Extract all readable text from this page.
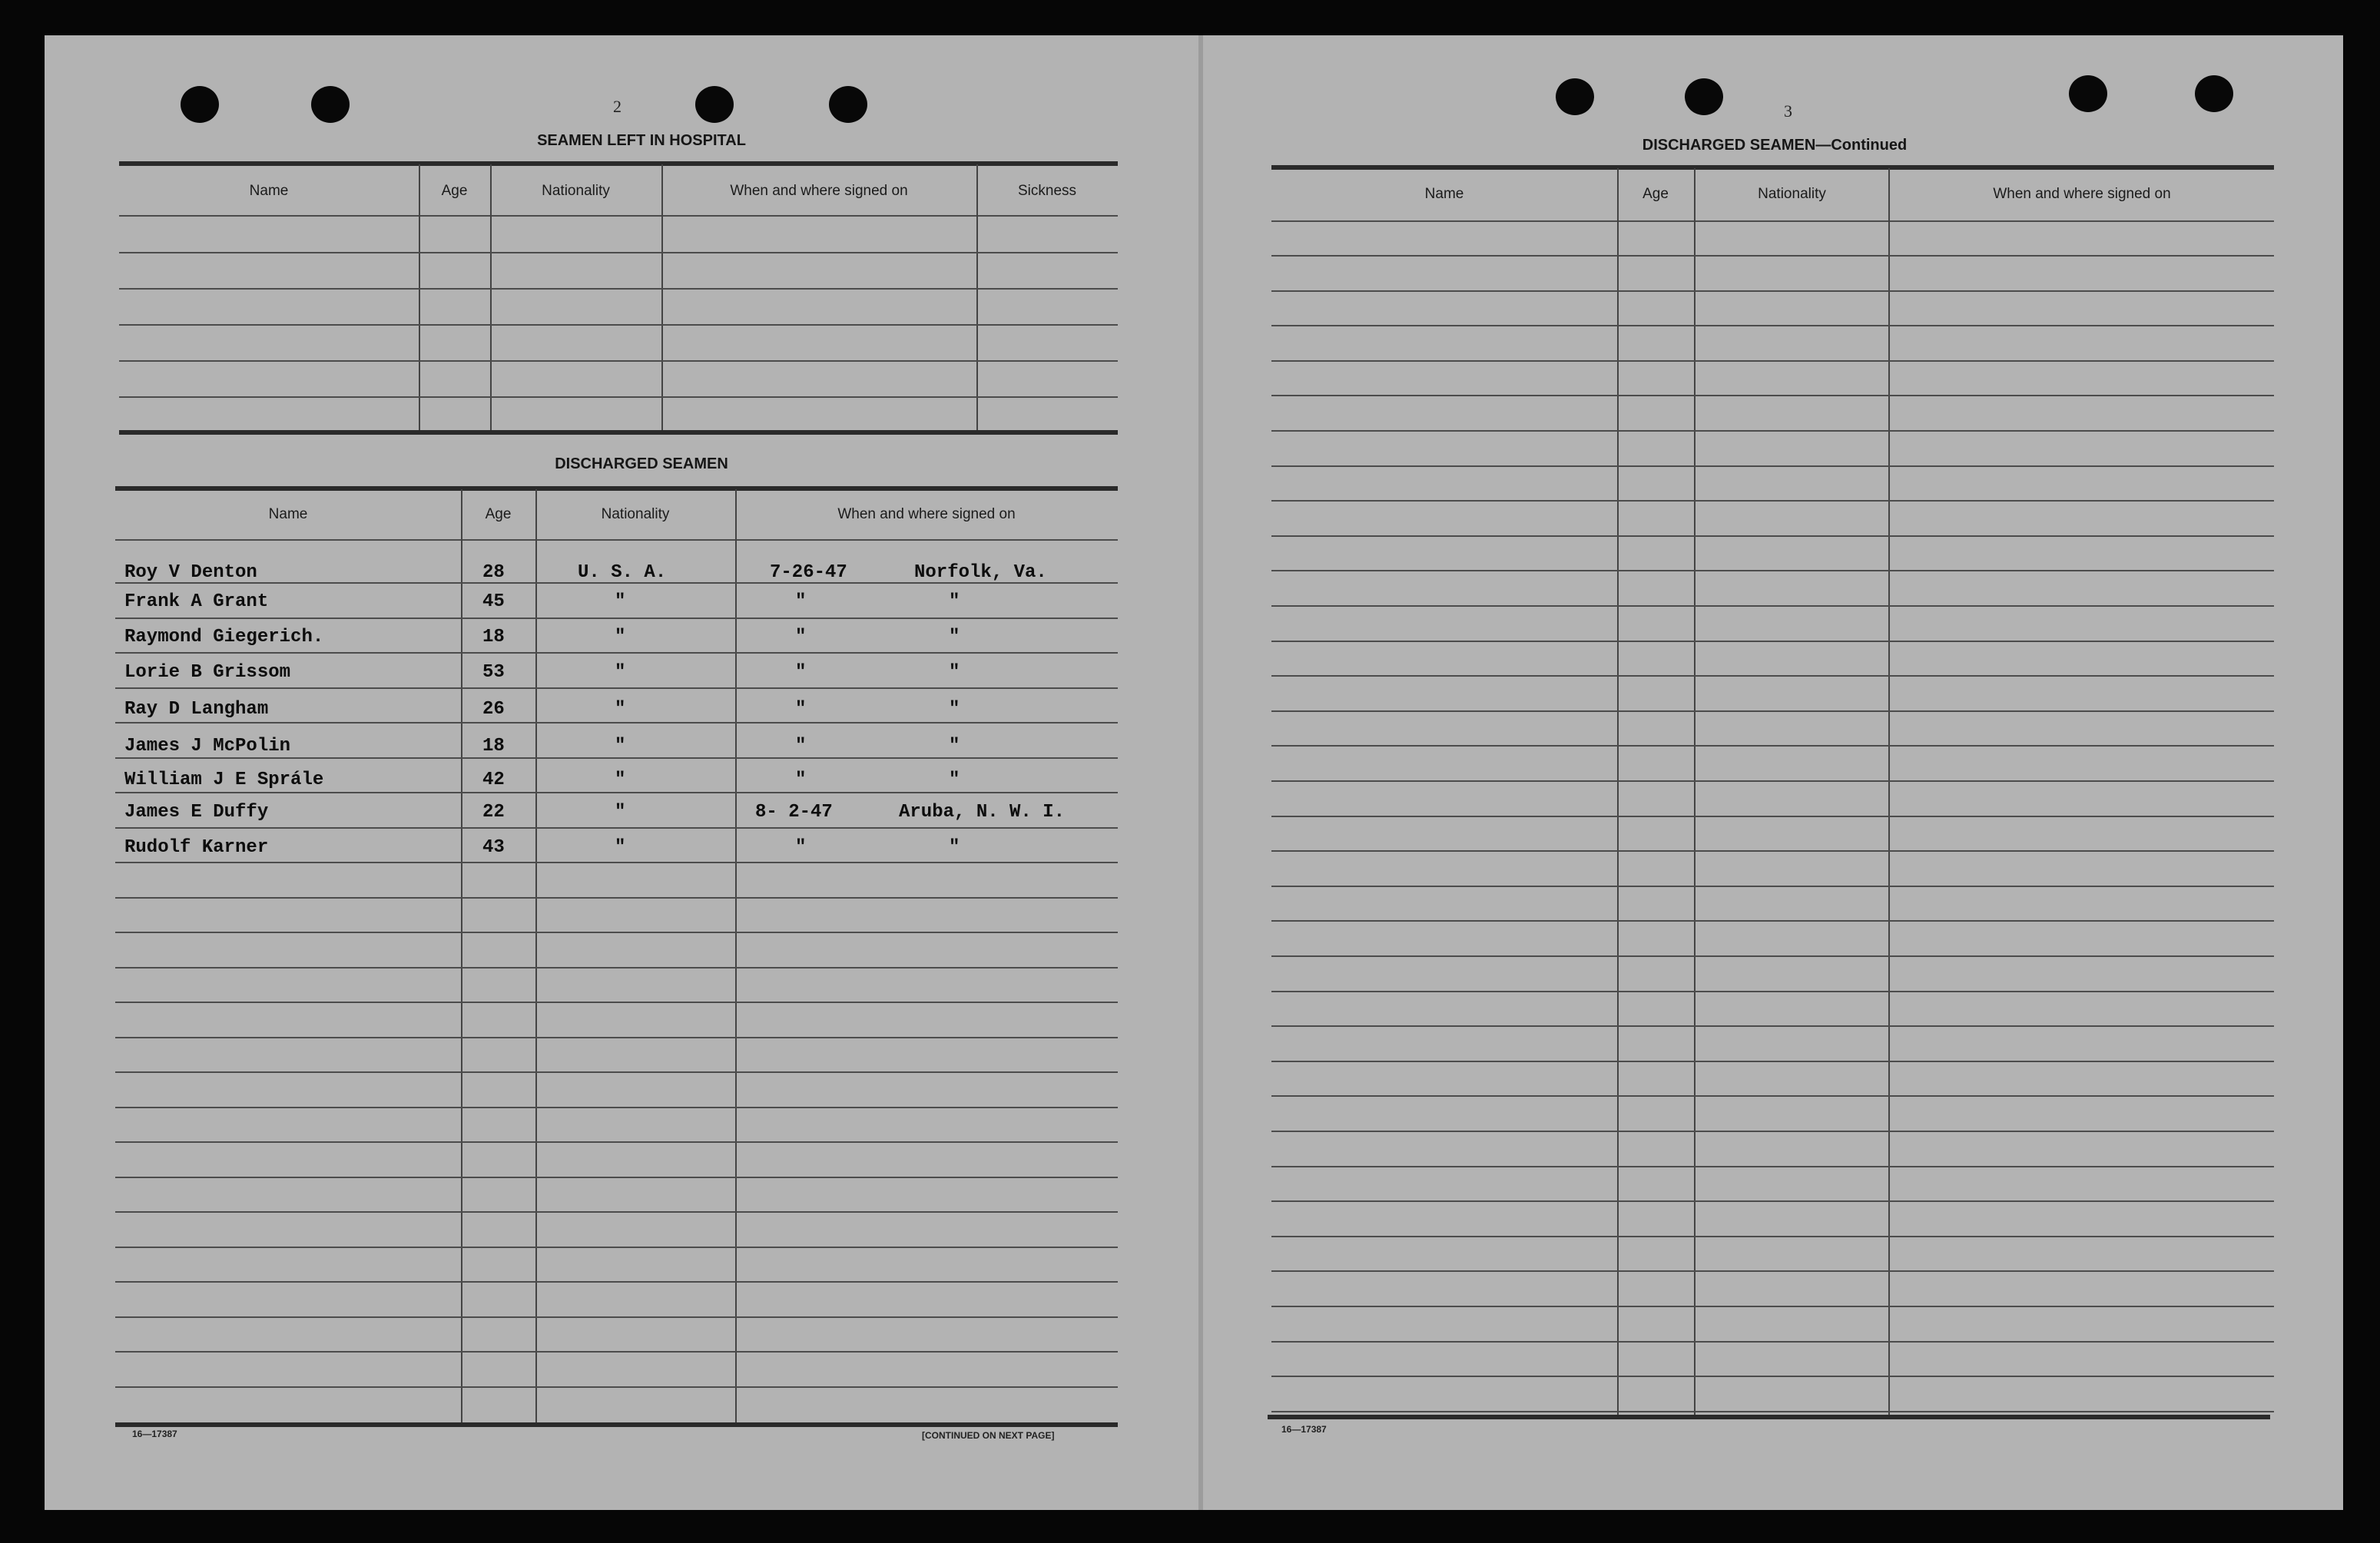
2
SEAMEN LEFT IN HOSPITAL
Name	Age	Nationality	When and where signed on	Sickness
DISCHARGED SEAMEN
Name	Age	Nationality	When and where signed on
Roy V Denton	28	U. S. A.	7-26-47	Norfolk, Va.
Frank A Grant	45	"	"	"
Raymond Giegerich.	18	"	"	"
Lorie B Grissom	53	"	"	"
Ray D Langham	26	"	"	"
James J McPolin	18	"	"	"
William J E Sprále	42	"	"	"
James E Duffy	22	"	8- 2-47	Aruba, N. W. I.
Rudolf Karner	43	"	"	"
16—17387	[CONTINUED ON NEXT PAGE]
3
DISCHARGED SEAMEN—Continued
Name	Age	Nationality	When and where signed on
16—17387
